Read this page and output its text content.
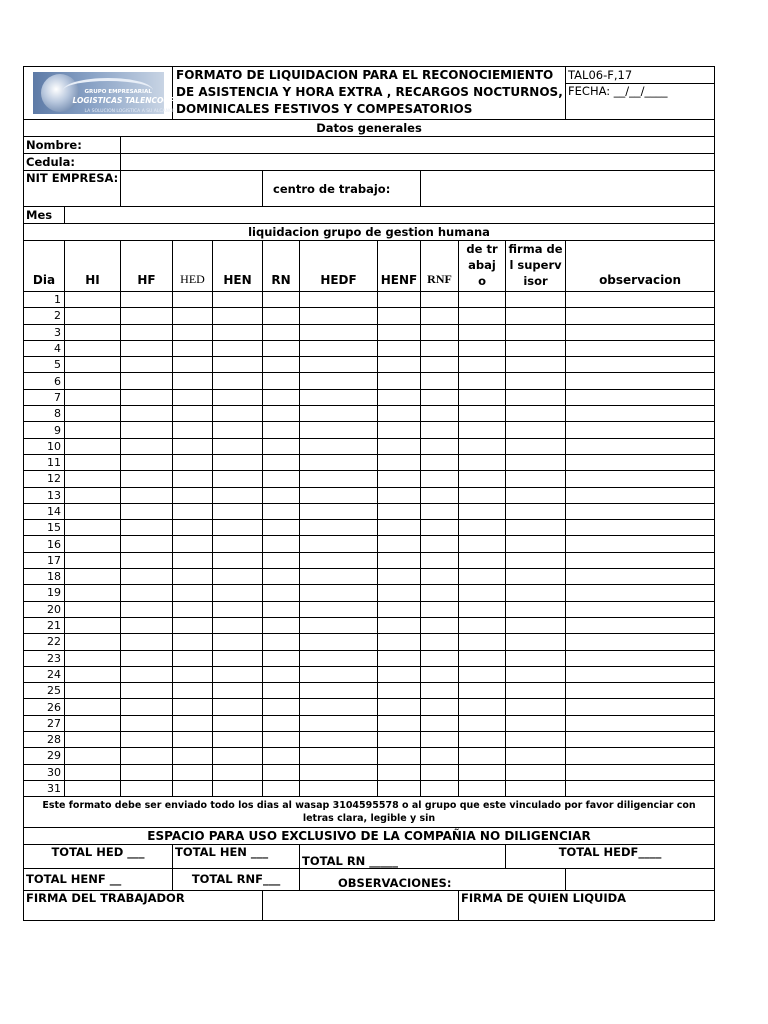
GRUPO EMPRESARIAL
LOGISTICAS TALENCOOP
LA SOLUCION LOGISTICA A SU ALCANCE			FORMATO DE LIQUIDACION PARA EL RECONOCIEMIENTO DE ASISTENCIA Y HORA EXTRA , RECARGOS NOCTURNOS, DOMINICALES FESTIVOS Y COMPESATORIOS								TAL06-F,17
											FECHA: __/__/____

Datos generales											
Nombre:											
Cedula:											
NIT EMPRESA:					centro de trabajo:						
Mes											
liquidacion grupo de gestion humana											
Dia	HI	HF	HED	HEN	RN	HEDF	HENF	RNF	de trabajo	firma del supervisor	observacion
1											
2											
3											
4											
5											
6											
7											
8											
9											
10											
11											
12											
13											
14											
15											
16											
17											
18											
19											
20											
21											
22											
23											
24											
25											
26											
27											
28											
29											
30											
31											
Este formato debe ser enviado todo los dias al wasap 3104595578 o al grupo que este vinculado por favor diligenciar con letras clara, legible y sin											
ESPACIO PARA USO EXCLUSIVO DE LA COMPAÑIA NO DILIGENCIAR											
TOTAL HED ___			TOTAL HEN ___			TOTAL RN _____				TOTAL HEDF____	
TOTAL HENF __			TOTAL RNF___			OBSERVACIONES:					
FIRMA DEL TRABAJADOR									FIRMA DE QUIEN LIQUIDA		
